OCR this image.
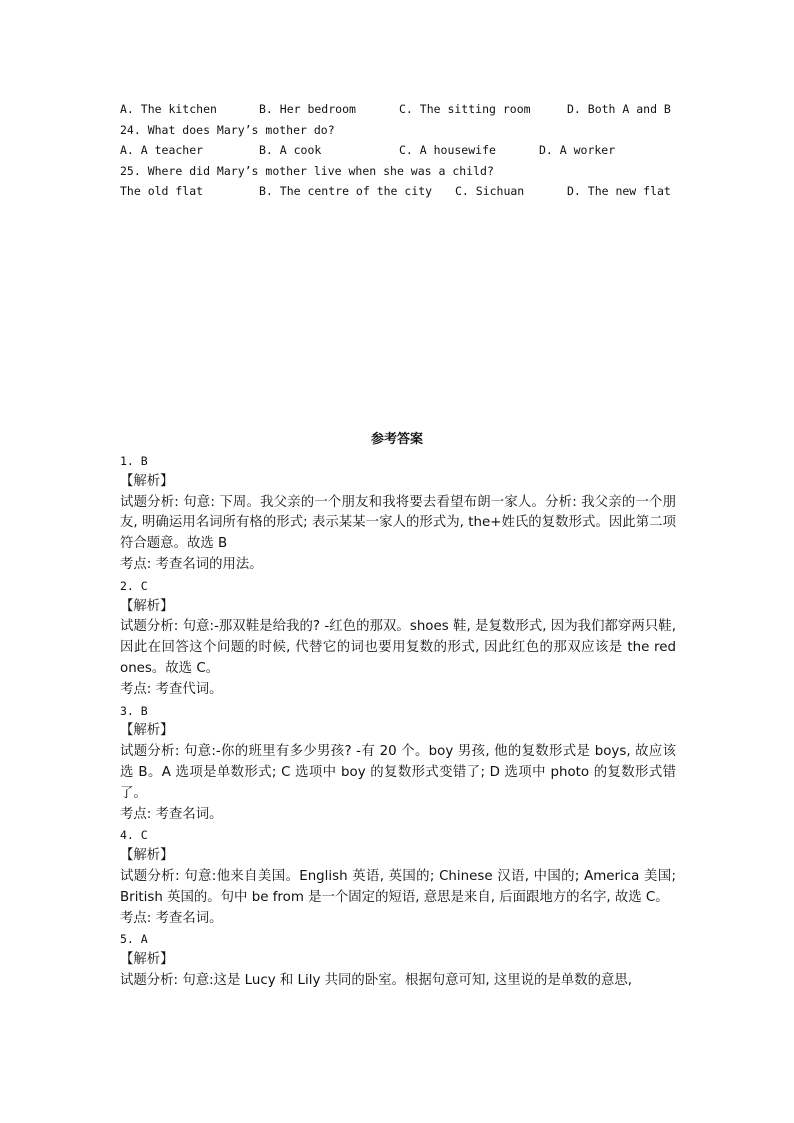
A. The kitchen	B. Her bedroom	C. The sitting room	D. Both A and B
24. What does Mary’s mother do?
A. A teacher	B. A cook	C. A housewife	D. A worker
25. Where did Mary’s mother live when she was a child?
The old flat	B. The centre of the city C. Sichuan	D. The new flat
参考答案

1. B

【解析】

试题分析: 句意: 下周。我父亲的一个朋友和我将要去看望布朗一家人。分析: 我父亲的一个朋友, 明确运用名词所有格的形式; 表示某某一家人的形式为, the+姓氏的复数形式。因此第二项符合题意。故选 B

考点: 考查名词的用法。

2. C

【解析】

试题分析: 句意:-那双鞋是给我的? -红色的那双。shoes 鞋, 是复数形式, 因为我们都穿两只鞋, 因此在回答这个问题的时候, 代替它的词也要用复数的形式, 因此红色的那双应该是 the red ones。故选 C。

考点: 考查代词。

3. B

【解析】

试题分析: 句意:-你的班里有多少男孩? -有 20 个。boy 男孩, 他的复数形式是 boys, 故应该选 B。A 选项是单数形式; C 选项中 boy 的复数形式变错了; D 选项中 photo 的复数形式错了。

考点: 考查名词。

4. C

【解析】

试题分析: 句意:他来自美国。English 英语, 英国的; Chinese 汉语, 中国的; America 美国; British 英国的。句中 be from 是一个固定的短语, 意思是来自, 后面跟地方的名字, 故选 C。

考点: 考查名词。

5. A

【解析】

试题分析: 句意:这是 Lucy 和 Lily 共同的卧室。根据句意可知, 这里说的是单数的意思,
